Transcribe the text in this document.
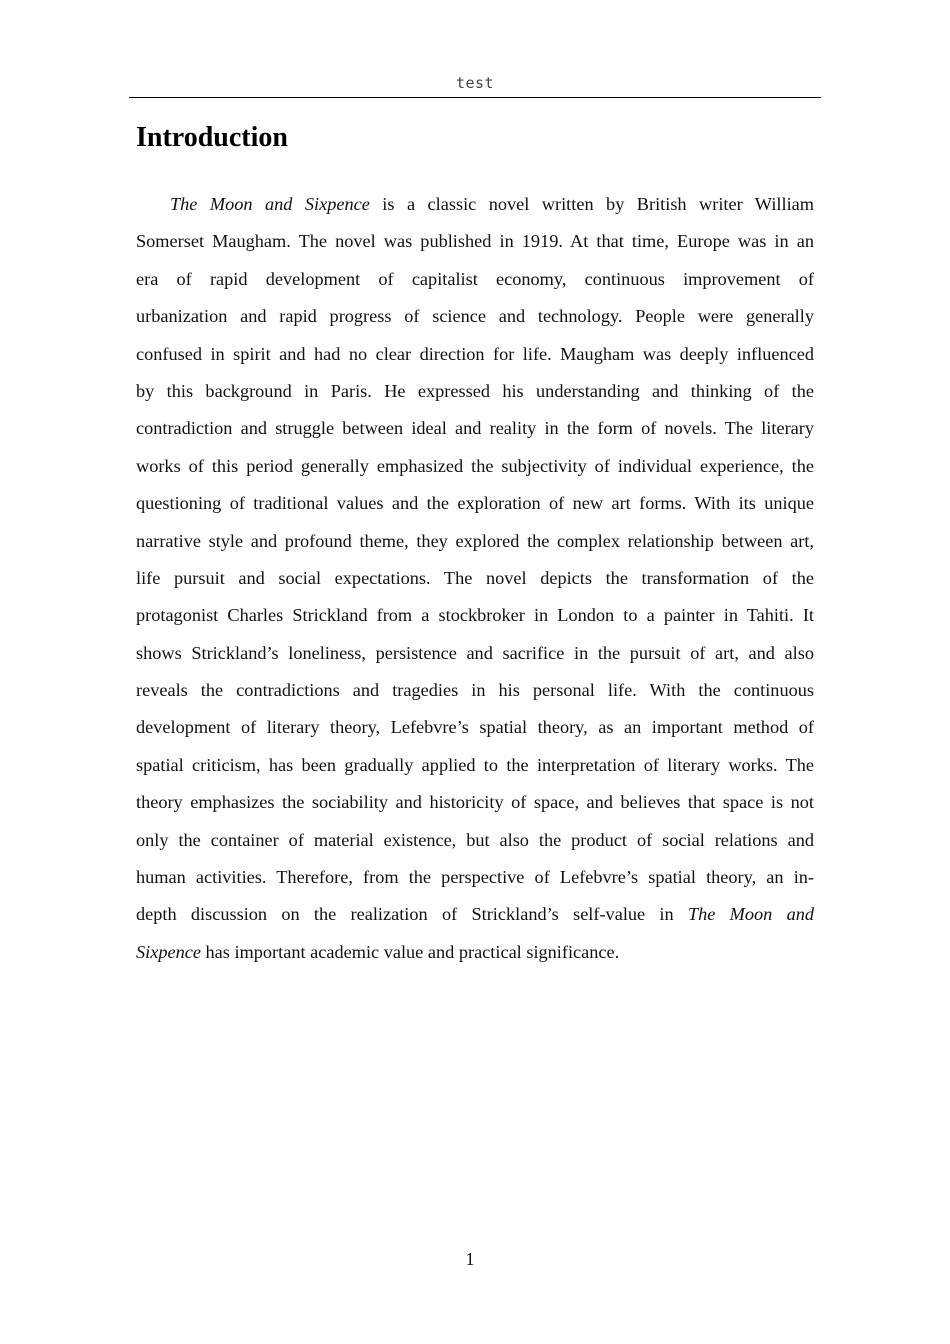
test
Introduction
The Moon and Sixpence is a classic novel written by British writer William
Somerset Maugham. The novel was published in 1919. At that time, Europe was in an
era of rapid development of capitalist economy, continuous improvement of
urbanization and rapid progress of science and technology. People were generally
confused in spirit and had no clear direction for life. Maugham was deeply influenced
by this background in Paris. He expressed his understanding and thinking of the
contradiction and struggle between ideal and reality in the form of novels. The literary
works of this period generally emphasized the subjectivity of individual experience, the
questioning of traditional values and the exploration of new art forms. With its unique
narrative style and profound theme, they explored the complex relationship between art,
life pursuit and social expectations. The novel depicts the transformation of the
protagonist Charles Strickland from a stockbroker in London to a painter in Tahiti. It
shows Strickland’s loneliness, persistence and sacrifice in the pursuit of art, and also
reveals the contradictions and tragedies in his personal life. With the continuous
development of literary theory, Lefebvre’s spatial theory, as an important method of
spatial criticism, has been gradually applied to the interpretation of literary works. The
theory emphasizes the sociability and historicity of space, and believes that space is not
only the container of material existence, but also the product of social relations and
human activities. Therefore, from the perspective of Lefebvre’s spatial theory, an in-
depth discussion on the realization of Strickland’s self-value in The Moon and
Sixpence has important academic value and practical significance.
1
